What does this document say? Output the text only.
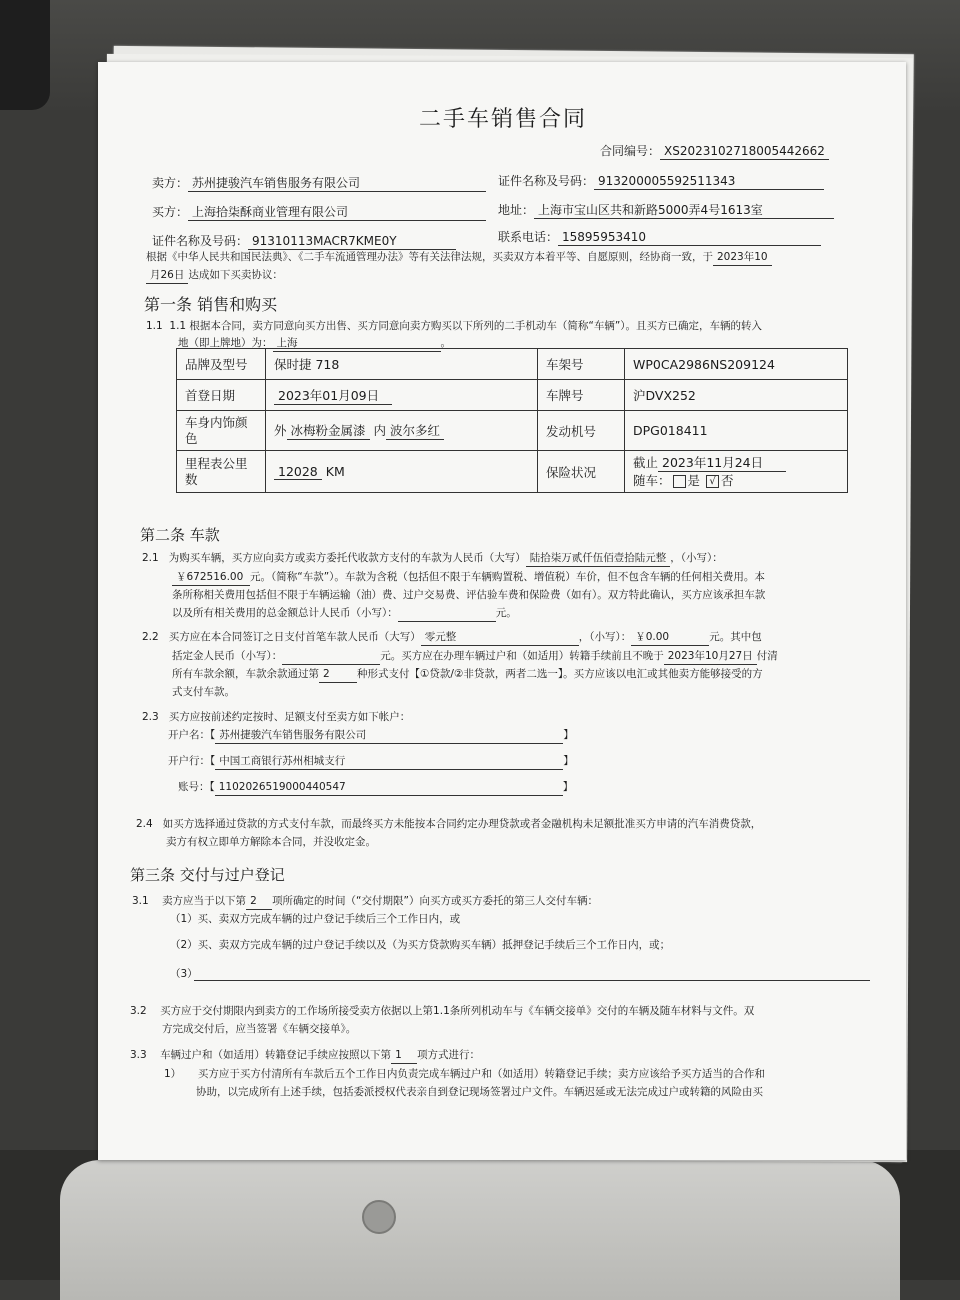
二手车销售合同
合同编号： XS20231027180054426​62
卖方： 苏州捷骏汽车销售服务有限公司	证件名称及号码： 913200005592511343
买方： 上海拾柒酥商业管理有限公司	地址： 上海市宝山区共和新路5000弄4号1613室
证件名称及号码： 91310113MACR7KME0Y	联系电话： 15895953410
根据《中华人民共和国民法典》、《二手车流通管理办法》等有关法律法规，买卖双方本着平等、自愿原则，经协商一致，于 2023年10
月26日 达成如下买卖协议：
第一条 销售和购买
1.1 1.1 根据本合同，卖方同意向买方出售、买方同意向卖方购买以下所列的二手机动车（简称“车辆”）。且买方已确定，车辆的转入
地（即上牌地）为： 上海	。
品牌及型号	保时捷 718	车架号	WP0CA2986NS209124
首登日期	2023年01月09日	车牌号	沪DVX252
车身内饰颜色	外 冰梅粉金属漆 内 波尔多红	发动机号	DPG018411
里程表公里数	12028 KM	保险状况	截止 2023年11月24日
随车： 是 √ 否
第二条 车款
2.1 为购买车辆，买方应向卖方或卖方委托代收款方支付的车款为人民币（大写） 陆拾柒万贰仟伍佰壹拾陆元整 ，（小写）：
￥672516.00 元。（简称“车款”）。车款为含税（包括但不限于车辆购置税、增值税）车价，但不包含车辆的任何相关费用。本
条所称相关费用包括但不限于车辆运输（油）费、过户交易费、评估验车费和保险费（如有）。双方特此确认，买方应该承担车款
以及所有相关费用的总金额总计人民币（小写）：	元。
2.2 买方应在本合同签订之日支付首笔车款人民币（大写） 零元整	，（小写）： ￥0.00	元。其中包
括定金人民币（小写）：	元。买方应在办理车辆过户和（如适用）转籍手续前且不晚于 2023年10月27日 付清
所有车款余额，车款余款通过第 2	种形式支付【①贷款/②非贷款，两者二选一】。买方应该以电汇或其他卖方能够接受的方
式支付车款。
2.3 买方应按前述约定按时、足额支付至卖方如下帐户：
开户名：【 苏州捷骏汽车销售服务有限公司	】
开户行：【 中国工商银行苏州相城支行	】
账号：【 1102026519000440547	】
2.4 如买方选择通过贷款的方式支付车款，而最终买方未能按本合同约定办理贷款或者金融机构未足额批准买方申请的汽车消费贷款，
卖方有权立即单方解除本合同，并没收定金。
第三条 交付与过户登记
3.1 卖方应当于以下第 2 项所确定的时间（“交付期限”）向买方或买方委托的第三人交付车辆：
（1）买、卖双方完成车辆的过户登记手续后三个工作日内，或
（2）买、卖双方完成车辆的过户登记手续以及（为买方贷款购买车辆）抵押登记手续后三个工作日内，或；
（3）
3.2 买方应于交付期限内到卖方的工作场所接受卖方依据以上第1.1条所列机动车与《车辆交接单》交付的车辆及随车材料与文件。双
方完成交付后，应当签署《车辆交接单》。
3.3 车辆过户和（如适用）转籍登记手续应按照以下第 1 项方式进行：
1） 买方应于买方付清所有车款后五个工作日内负责完成车辆过户和（如适用）转籍登记手续；卖方应该给予买方适当的合作和
协助，以完成所有上述手续，包括委派授权代表亲自到登记现场签署过户文件。车辆迟延或无法完成过户或转籍的风险由买
